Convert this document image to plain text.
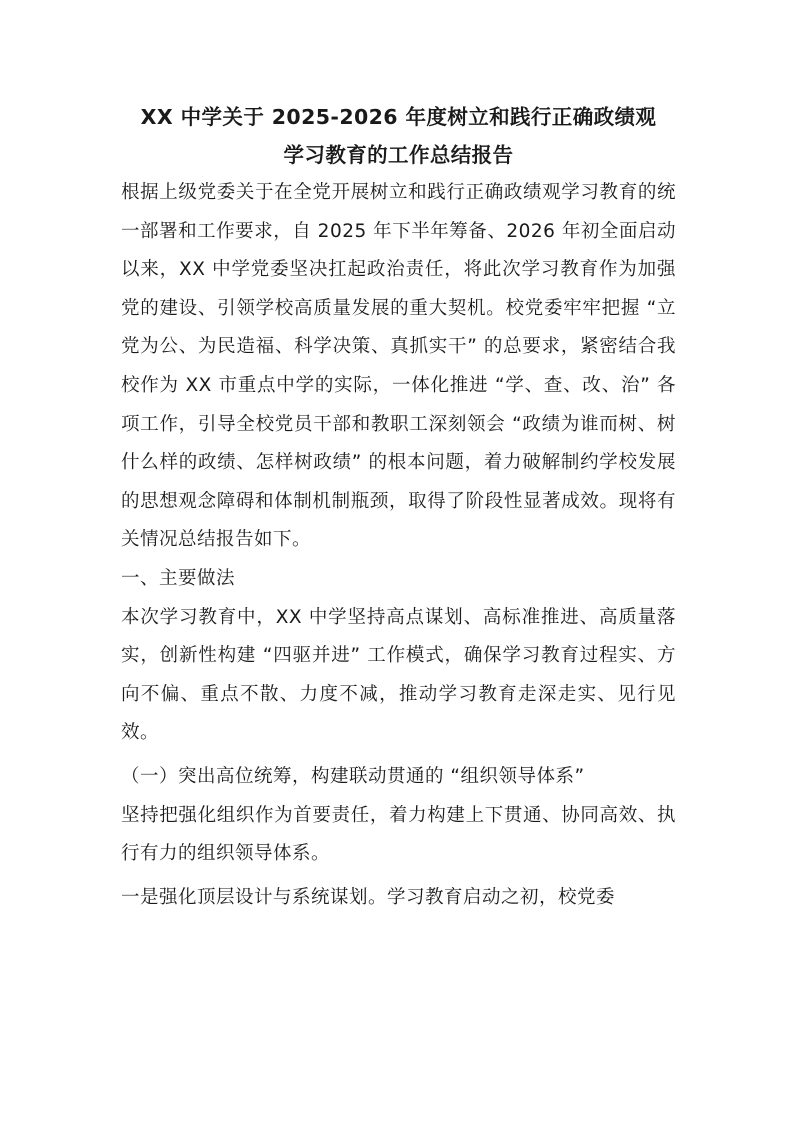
XX 中学关于 2025-2026 年度树立和践行正确政绩观
学习教育的工作总结报告

根据上级党委关于在全党开展树立和践行正确政绩观学习教育的统一部署和工作要求，自 2025 年下半年筹备、2026 年初全面启动以来，XX 中学党委坚决扛起政治责任，将此次学习教育作为加强党的建设、引领学校高质量发展的重大契机。校党委牢牢把握 “立党为公、为民造福、科学决策、真抓实干” 的总要求，紧密结合我校作为 XX 市重点中学的实际，一体化推进 “学、查、改、治” 各项工作，引导全校党员干部和教职工深刻领会 “政绩为谁而树、树什么样的政绩、怎样树政绩” 的根本问题，着力破解制约学校发展的思想观念障碍和体制机制瓶颈，取得了阶段性显著成效。现将有关情况总结报告如下。

一、主要做法

本次学习教育中，XX 中学坚持高点谋划、高标准推进、高质量落实，创新性构建 “四驱并进” 工作模式，确保学习教育过程实、方向不偏、重点不散、力度不减，推动学习教育走深走实、见行见效。

（一）突出高位统筹，构建联动贯通的 “组织领导体系”

坚持把强化组织作为首要责任，着力构建上下贯通、协同高效、执行有力的组织领导体系。

一是强化顶层设计与系统谋划。学习教育启动之初，校党委
